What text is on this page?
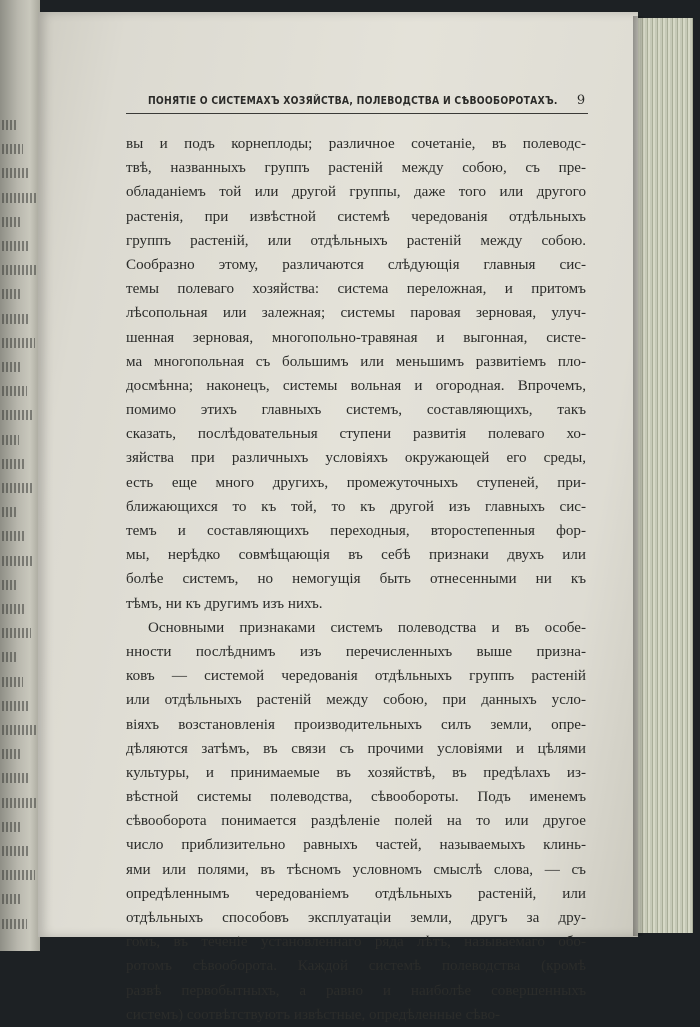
ПОНЯТІЕ О СИСТЕМАХЪ ХОЗЯЙСТВА, ПОЛЕВОДСТВА И СѢВООБОРОТАХЪ.	9
вы и подъ корнеплоды; различное сочетаніе, въ полеводс-
твѣ, названныхъ группъ растеній между собою, съ пре-
обладаніемъ той или другой группы, даже того или другого
растенія, при извѣстной системѣ чередованія отдѣльныхъ
группъ растеній, или отдѣльныхъ растеній между собою.
Сообразно этому, различаются слѣдующія главныя сис-
темы полеваго хозяйства: система переложная, и притомъ
лѣсопольная или залежная; системы паровая зерновая, улуч-
шенная зерновая, многопольно-травяная и выгонная, систе-
ма многопольная съ большимъ или меньшимъ развитіемъ пло-
досмѣнна; наконецъ, системы вольная и огородная. Впрочемъ,
помимо этихъ главныхъ системъ, составляющихъ, такъ
сказать, послѣдовательныя ступени развитія полеваго хо-
зяйства при различныхъ условіяхъ окружающей его среды,
есть еще много другихъ, промежуточныхъ ступеней, при-
ближающихся то къ той, то къ другой изъ главныхъ сис-
темъ и составляющихъ переходныя, второстепенныя фор-
мы, нерѣдко совмѣщающія въ себѣ признаки двухъ или
болѣе системъ, но немогущія быть отнесенными ни къ
тѣмъ, ни къ другимъ изъ нихъ.
Основными признаками системъ полеводства и въ особе-
нности послѣднимъ изъ перечисленныхъ выше призна-
ковъ — системой чередованія отдѣльныхъ группъ растеній
или отдѣльныхъ растеній между собою, при данныхъ усло-
віяхъ возстановленія производительныхъ силъ земли, опре-
дѣляются затѣмъ, въ связи съ прочими условіями и цѣлями
культуры, и принимаемые въ хозяйствѣ, въ предѣлахъ из-
вѣстной системы полеводства, сѣвообороты. Подъ именемъ
сѣвооборота понимается раздѣленіе полей на то или другое
число приблизительно равныхъ частей, называемыхъ клинь-
ями или полями, въ тѣсномъ условномъ смыслѣ слова, — съ
опредѣленнымъ чередованіемъ отдѣльныхъ растеній, или
отдѣльныхъ способовъ эксплуатаціи земли, другъ за дру-
гомъ, въ теченіе установленнаго ряда лѣтъ, называемаго обо-
ротомъ сѣвооборота. Каждой системѣ полеводства (кромѣ
развѣ первобытныхъ, а равно и наиболѣе совершенныхъ
системъ) соотвѣтствуютъ извѣстные, опредѣленные сѣво-
